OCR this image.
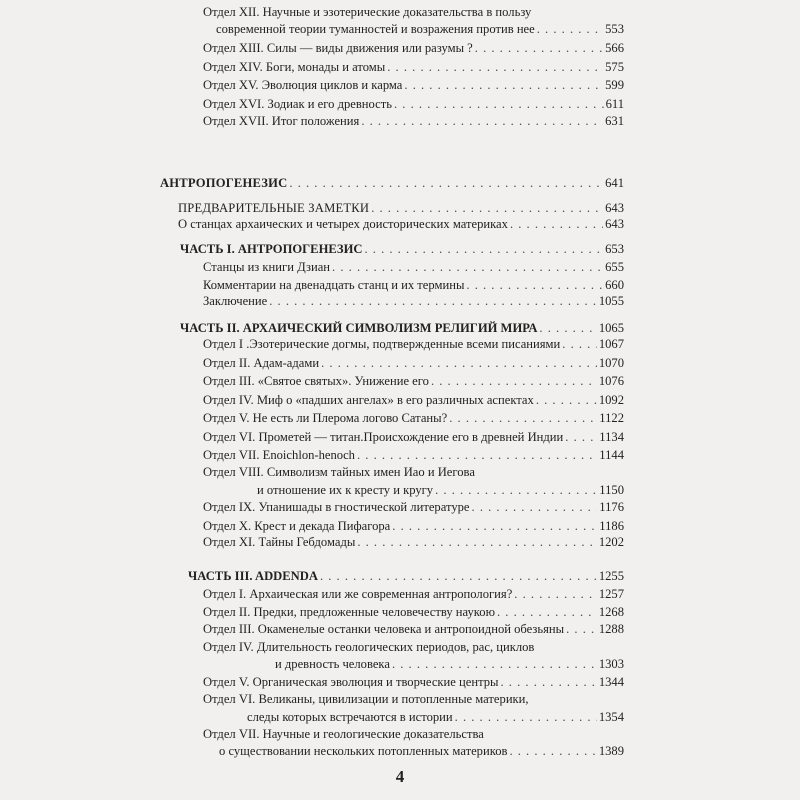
Отдел XII. Научные и эзотерические доказательства в пользу
современной теории туманностей и возражения против нее . . .	553
Отдел XIII. Силы — виды движения или разумы ? . . .	566
Отдел XIV. Боги, монады и атомы . . .	575
Отдел XV. Эволюция циклов и карма . . .	599
Отдел XVI. Зодиак и его древность . . .	611
Отдел XVII. Итог положения . . .	631
АНТРОПОГЕНЕЗИС . . .	641
ПРЕДВАРИТЕЛЬНЫЕ ЗАМЕТКИ . . .	643
О станцах архаических и четырех доисторических материках . . .	643
ЧАСТЬ I. АНТРОПОГЕНЕЗИС . . .	653
Станцы из книги Дзиан . . .	655
Комментарии на двенадцать станц и их термины . . .	660
Заключение . . .	1055
ЧАСТЬ II. АРХАИЧЕСКИЙ СИМВОЛИЗМ РЕЛИГИЙ МИРА . . .	1065
Отдел I .Эзотерические догмы, подтвержденные всеми писаниями . . .	1067
Отдел II. Адам-адами . . .	1070
Отдел III. «Святое святых». Унижение его . . .	1076
Отдел IV. Миф о «падших ангелах» в его различных аспектах . . .	1092
Отдел V. Не есть ли Плерома логово Сатаны? . . .	1122
Отдел VI. Прометей — титан.Происхождение его в древней Индии . . .	1134
Отдел VII. Enoichlon-henoch . . .	1144
Отдел VIII. Символизм тайных имен Иао и Иегова
и отношение их к кресту и кругу . . .	1150
Отдел IX. Упанишады в гностической литературе . . .	1176
Отдел X. Крест и декада Пифагора . . .	1186
Отдел XI. Тайны Гебдомады . . .	1202
ЧАСТЬ III. ADDENDA . . .	1255
Отдел I. Архаическая или же современная антропология? . . .	1257
Отдел II. Предки, предложенные человечеству наукою . . .	1268
Отдел III. Окаменелые останки человека и антропоидной обезьяны . . .	1288
Отдел IV. Длительность геологических периодов, рас, циклов
и древность человека . . .	1303
Отдел V. Органическая эволюция и творческие центры . . .	1344
Отдел VI. Великаны, цивилизации и потопленные материки,
следы которых встречаются в истории . . .	1354
Отдел VII. Научные и геологические доказательства
о существовании нескольких потопленных материков . . .	1389
4
